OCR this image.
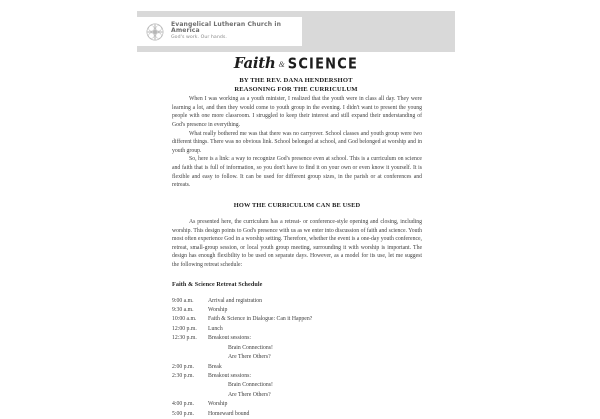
Evangelical Lutheran Church in America
God's work. Our hands.
Faith & SCIENCE
BY THE REV. DANA HENDERSHOT
REASONING FOR THE CURRICULUM

When I was working as a youth minister, I realized that the youth were in class all day. They were learning a lot, and then they would come to youth group in the evening. I didn't want to present the young people with one more classroom. I struggled to keep their interest and still expand their understanding of God's presence in everything.

What really bothered me was that there was no carryover. School classes and youth group were two different things. There was no obvious link. School belonged at school, and God belonged at worship and in youth group.

So, here is a link: a way to recognize God's presence even at school. This is a curriculum on science and faith that is full of information, so you don't have to find it on your own or even know it yourself. It is flexible and easy to follow. It can be used for different group sizes, in the parish or at conferences and retreats.

HOW THE CURRICULUM CAN BE USED

As presented here, the curriculum has a retreat- or conference-style opening and closing, including worship. This design points to God's presence with us as we enter into discussion of faith and science. Youth most often experience God in a worship setting. Therefore, whether the event is a one-day youth conference, retreat, small-group session, or local youth group meeting, surrounding it with worship is important. The design has enough flexibility to be used on separate days. However, as a model for its use, let me suggest the following retreat schedule:

Faith & Science Retreat Schedule
9:00 a.m.	Arrival and registration
9:30 a.m.	Worship
10:00 a.m.	Faith & Science in Dialogue: Can it Happen?
12:00 p.m.	Lunch
12:30 p.m.	Breakout sessions:

Brain Connections!

Are There Others?
2:00 p.m.	Break
2:30 p.m.	Breakout sessions:

Brain Connections!

Are There Others?
4:00 p.m.	Worship
5:00 p.m.	Homeward bound
